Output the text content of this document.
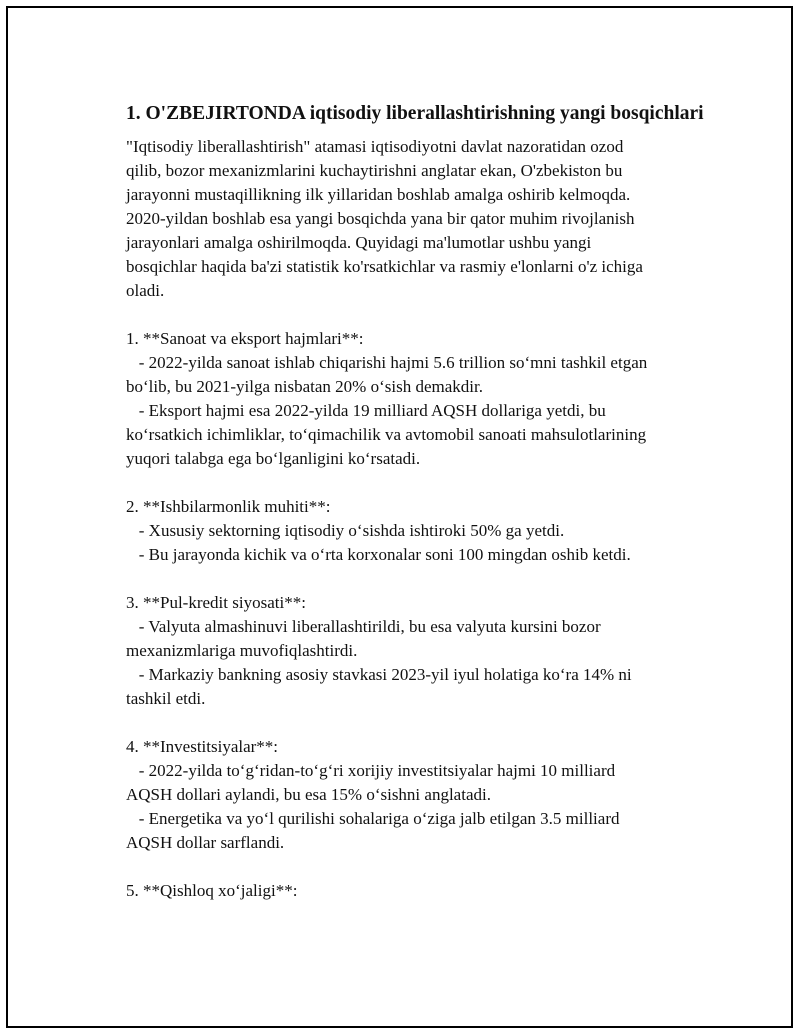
1. O'ZBEJIRTONDA iqtisodiy liberallashtirishning yangi bosqichlari

"Iqtisodiy liberallashtirish" atamasi iqtisodiyotni davlat nazoratidan ozod
qilib, bozor mexanizmlarini kuchaytirishni anglatar ekan, O'zbekiston bu
jarayonni mustaqillikning ilk yillaridan boshlab amalga oshirib kelmoqda.
2020-yildan boshlab esa yangi bosqichda yana bir qator muhim rivojlanish
jarayonlari amalga oshirilmoqda. Quyidagi ma'lumotlar ushbu yangi
bosqichlar haqida ba'zi statistik ko'rsatkichlar va rasmiy e'lonlarni o'z ichiga
oladi.

1. **Sanoat va eksport hajmlari**:
- 2022-yilda sanoat ishlab chiqarishi hajmi 5.6 trillion so‘mni tashkil etgan
bo‘lib, bu 2021-yilga nisbatan 20% o‘sish demakdir.
- Eksport hajmi esa 2022-yilda 19 milliard AQSH dollariga yetdi, bu
ko‘rsatkich ichimliklar, to‘qimachilik va avtomobil sanoati mahsulotlarining
yuqori talabga ega bo‘lganligini ko‘rsatadi.
2. **Ishbilarmonlik muhiti**:
- Xususiy sektorning iqtisodiy o‘sishda ishtiroki 50% ga yetdi.
- Bu jarayonda kichik va o‘rta korxonalar soni 100 mingdan oshib ketdi.
3. **Pul-kredit siyosati**:
- Valyuta almashinuvi liberallashtirildi, bu esa valyuta kursini bozor
mexanizmlariga muvofiqlashtirdi.
- Markaziy bankning asosiy stavkasi 2023-yil iyul holatiga ko‘ra 14% ni
tashkil etdi.
4. **Investitsiyalar**:
- 2022-yilda to‘g‘ridan-to‘g‘ri xorijiy investitsiyalar hajmi 10 milliard
AQSH dollari aylandi, bu esa 15% o‘sishni anglatadi.
- Energetika va yo‘l qurilishi sohalariga o‘ziga jalb etilgan 3.5 milliard
AQSH dollar sarflandi.
5. **Qishloq xo‘jaligi**:
